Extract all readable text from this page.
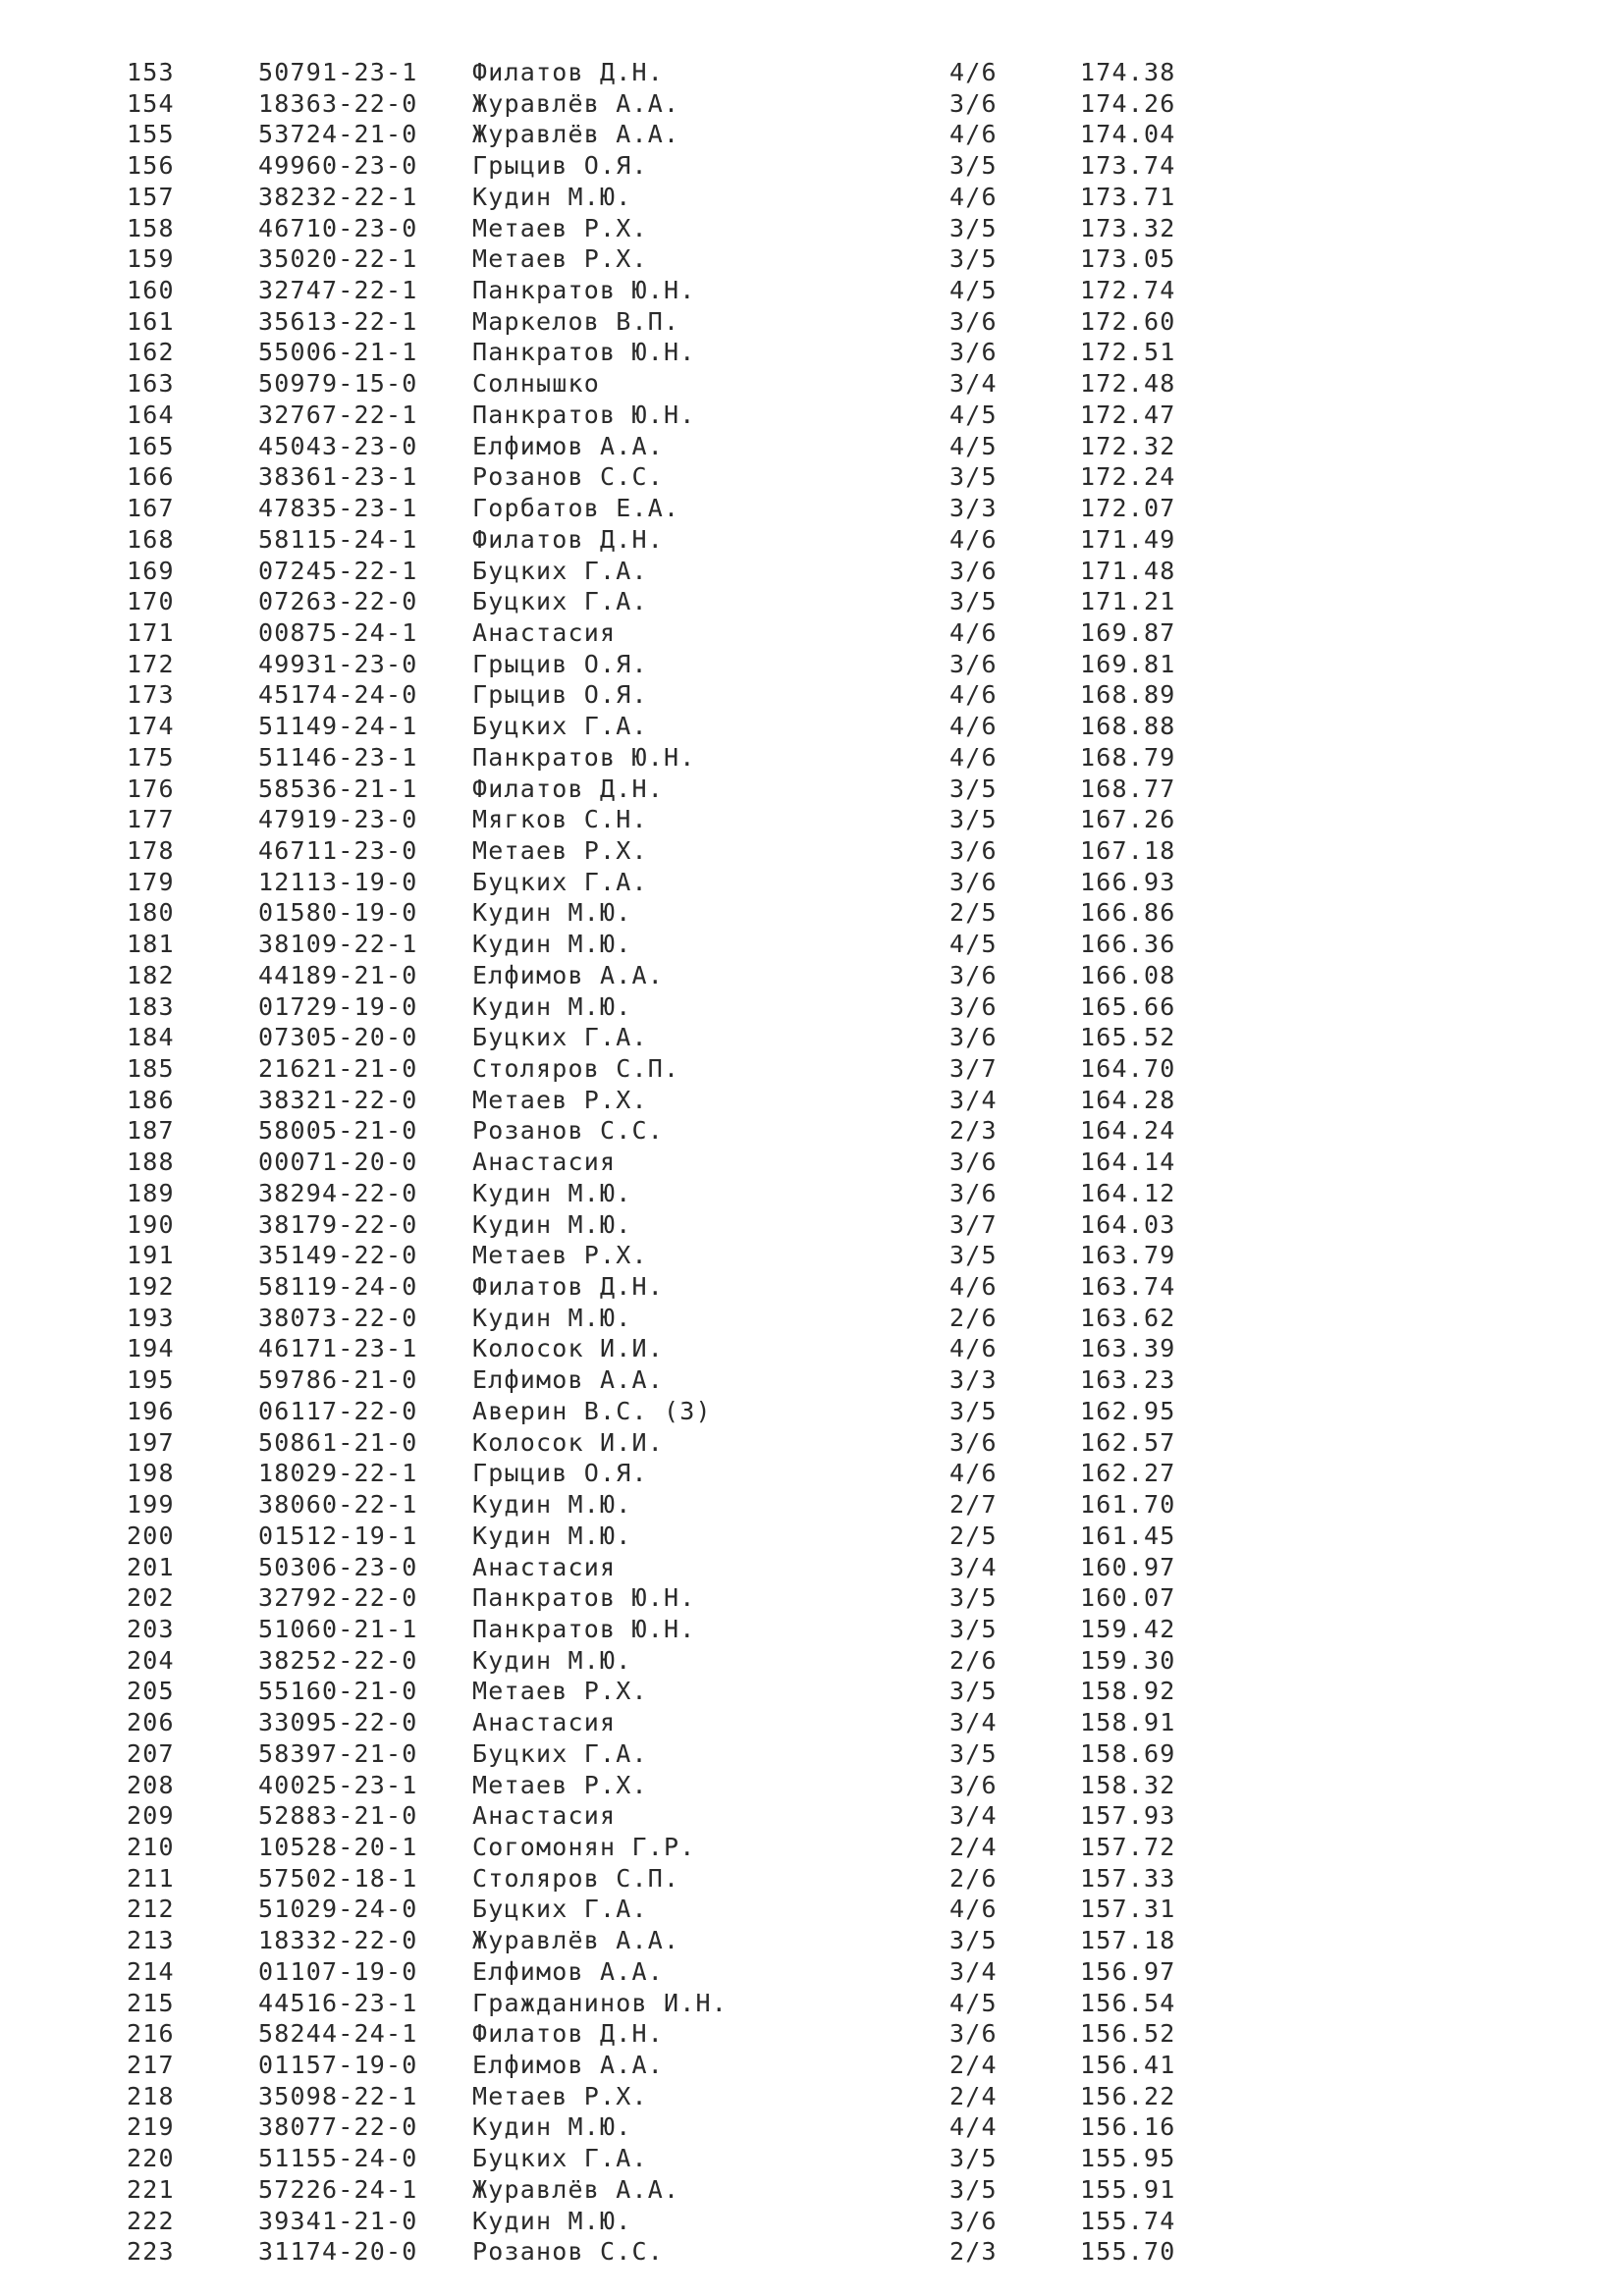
153	50791-23-1 Филатов Д.Н.	4/6	174.38
154	18363-22-0 Журавлёв А.А.	3/6	174.26
155	53724-21-0 Журавлёв А.А.	4/6	174.04
156	49960-23-0 Грыцив О.Я.	3/5	173.74
157	38232-22-1 Кудин М.Ю.	4/6	173.71
158	46710-23-0 Метаев Р.Х.	3/5	173.32
159	35020-22-1 Метаев Р.Х.	3/5	173.05
160	32747-22-1 Панкратов Ю.Н.	4/5	172.74
161	35613-22-1 Маркелов В.П.	3/6	172.60
162	55006-21-1 Панкратов Ю.Н.	3/6	172.51
163	50979-15-0 Солнышко	3/4	172.48
164	32767-22-1 Панкратов Ю.Н.	4/5	172.47
165	45043-23-0 Елфимов А.А.	4/5	172.32
166	38361-23-1 Розанов С.С.	3/5	172.24
167	47835-23-1 Горбатов Е.А.	3/3	172.07
168	58115-24-1 Филатов Д.Н.	4/6	171.49
169	07245-22-1 Буцких Г.А.	3/6	171.48
170	07263-22-0 Буцких Г.А.	3/5	171.21
171	00875-24-1 Анастасия	4/6	169.87
172	49931-23-0 Грыцив О.Я.	3/6	169.81
173	45174-24-0 Грыцив О.Я.	4/6	168.89
174	51149-24-1 Буцких Г.А.	4/6	168.88
175	51146-23-1 Панкратов Ю.Н.	4/6	168.79
176	58536-21-1 Филатов Д.Н.	3/5	168.77
177	47919-23-0 Мягков С.Н.	3/5	167.26
178	46711-23-0 Метаев Р.Х.	3/6	167.18
179	12113-19-0 Буцких Г.А.	3/6	166.93
180	01580-19-0 Кудин М.Ю.	2/5	166.86
181	38109-22-1 Кудин М.Ю.	4/5	166.36
182	44189-21-0 Елфимов А.А.	3/6	166.08
183	01729-19-0 Кудин М.Ю.	3/6	165.66
184	07305-20-0 Буцких Г.А.	3/6	165.52
185	21621-21-0 Столяров С.П.	3/7	164.70
186	38321-22-0 Метаев Р.Х.	3/4	164.28
187	58005-21-0 Розанов С.С.	2/3	164.24
188	00071-20-0 Анастасия	3/6	164.14
189	38294-22-0 Кудин М.Ю.	3/6	164.12
190	38179-22-0 Кудин М.Ю.	3/7	164.03
191	35149-22-0 Метаев Р.Х.	3/5	163.79
192	58119-24-0 Филатов Д.Н.	4/6	163.74
193	38073-22-0 Кудин М.Ю.	2/6	163.62
194	46171-23-1 Колосок И.И.	4/6	163.39
195	59786-21-0 Елфимов А.А.	3/3	163.23
196	06117-22-0 Аверин В.С. (З)	3/5	162.95
197	50861-21-0 Колосок И.И.	3/6	162.57
198	18029-22-1 Грыцив О.Я.	4/6	162.27
199	38060-22-1 Кудин М.Ю.	2/7	161.70
200	01512-19-1 Кудин М.Ю.	2/5	161.45
201	50306-23-0 Анастасия	3/4	160.97
202	32792-22-0 Панкратов Ю.Н.	3/5	160.07
203	51060-21-1 Панкратов Ю.Н.	3/5	159.42
204	38252-22-0 Кудин М.Ю.	2/6	159.30
205	55160-21-0 Метаев Р.Х.	3/5	158.92
206	33095-22-0 Анастасия	3/4	158.91
207	58397-21-0 Буцких Г.А.	3/5	158.69
208	40025-23-1 Метаев Р.Х.	3/6	158.32
209	52883-21-0 Анастасия	3/4	157.93
210	10528-20-1 Согомонян Г.Р.	2/4	157.72
211	57502-18-1 Столяров С.П.	2/6	157.33
212	51029-24-0 Буцких Г.А.	4/6	157.31
213	18332-22-0 Журавлёв А.А.	3/5	157.18
214	01107-19-0 Елфимов А.А.	3/4	156.97
215	44516-23-1 Гражданинов И.Н.	4/5	156.54
216	58244-24-1 Филатов Д.Н.	3/6	156.52
217	01157-19-0 Елфимов А.А.	2/4	156.41
218	35098-22-1 Метаев Р.Х.	2/4	156.22
219	38077-22-0 Кудин М.Ю.	4/4	156.16
220	51155-24-0 Буцких Г.А.	3/5	155.95
221	57226-24-1 Журавлёв А.А.	3/5	155.91
222	39341-21-0 Кудин М.Ю.	3/6	155.74
223	31174-20-0 Розанов С.С.	2/3	155.70
